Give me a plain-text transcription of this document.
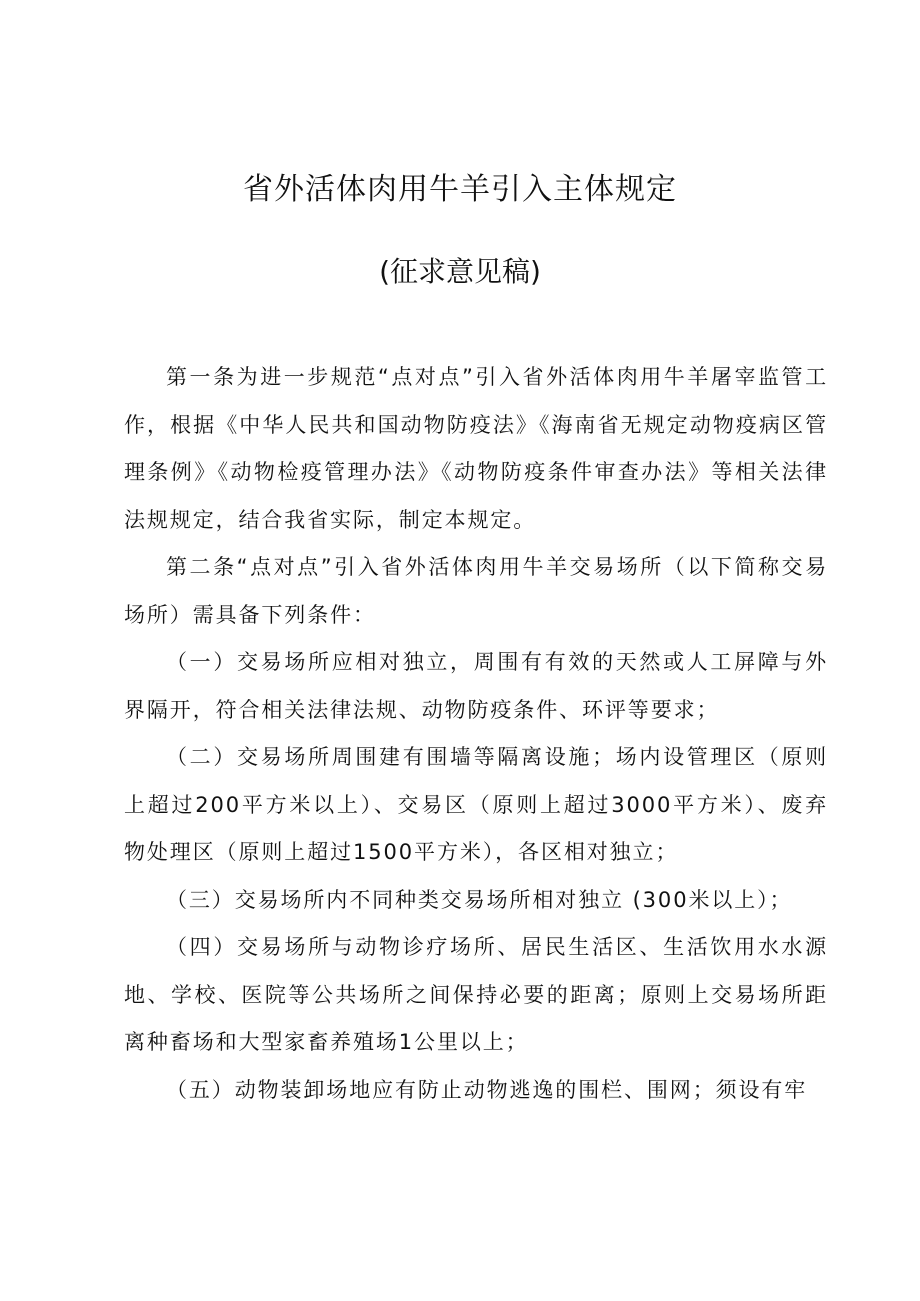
省外活体肉用牛羊引入主体规定
(征求意见稿)

第一条为进一步规范“点对点”引入省外活体肉用牛羊屠宰监管工作，根据《中华人民共和国动物防疫法》《海南省无规定动物疫病区管理条例》《动物检疫管理办法》《动物防疫条件审查办法》等相关法律法规规定，结合我省实际，制定本规定。

第二条“点对点”引入省外活体肉用牛羊交易场所（以下简称交易场所）需具备下列条件：

（一）交易场所应相对独立，周围有有效的天然或人工屏障与外界隔开，符合相关法律法规、动物防疫条件、环评等要求；

（二）交易场所周围建有围墙等隔离设施；场内设管理区（原则上超过200平方米以上）、交易区（原则上超过3000平方米）、废弃物处理区（原则上超过1500平方米），各区相对独立；

（三）交易场所内不同种类交易场所相对独立 (300米以上）；

（四）交易场所与动物诊疗场所、居民生活区、生活饮用水水源地、学校、医院等公共场所之间保持必要的距离；原则上交易场所距离种畜场和大型家畜养殖场1公里以上；

（五）动物装卸场地应有防止动物逃逸的围栏、围网；须设有牢
